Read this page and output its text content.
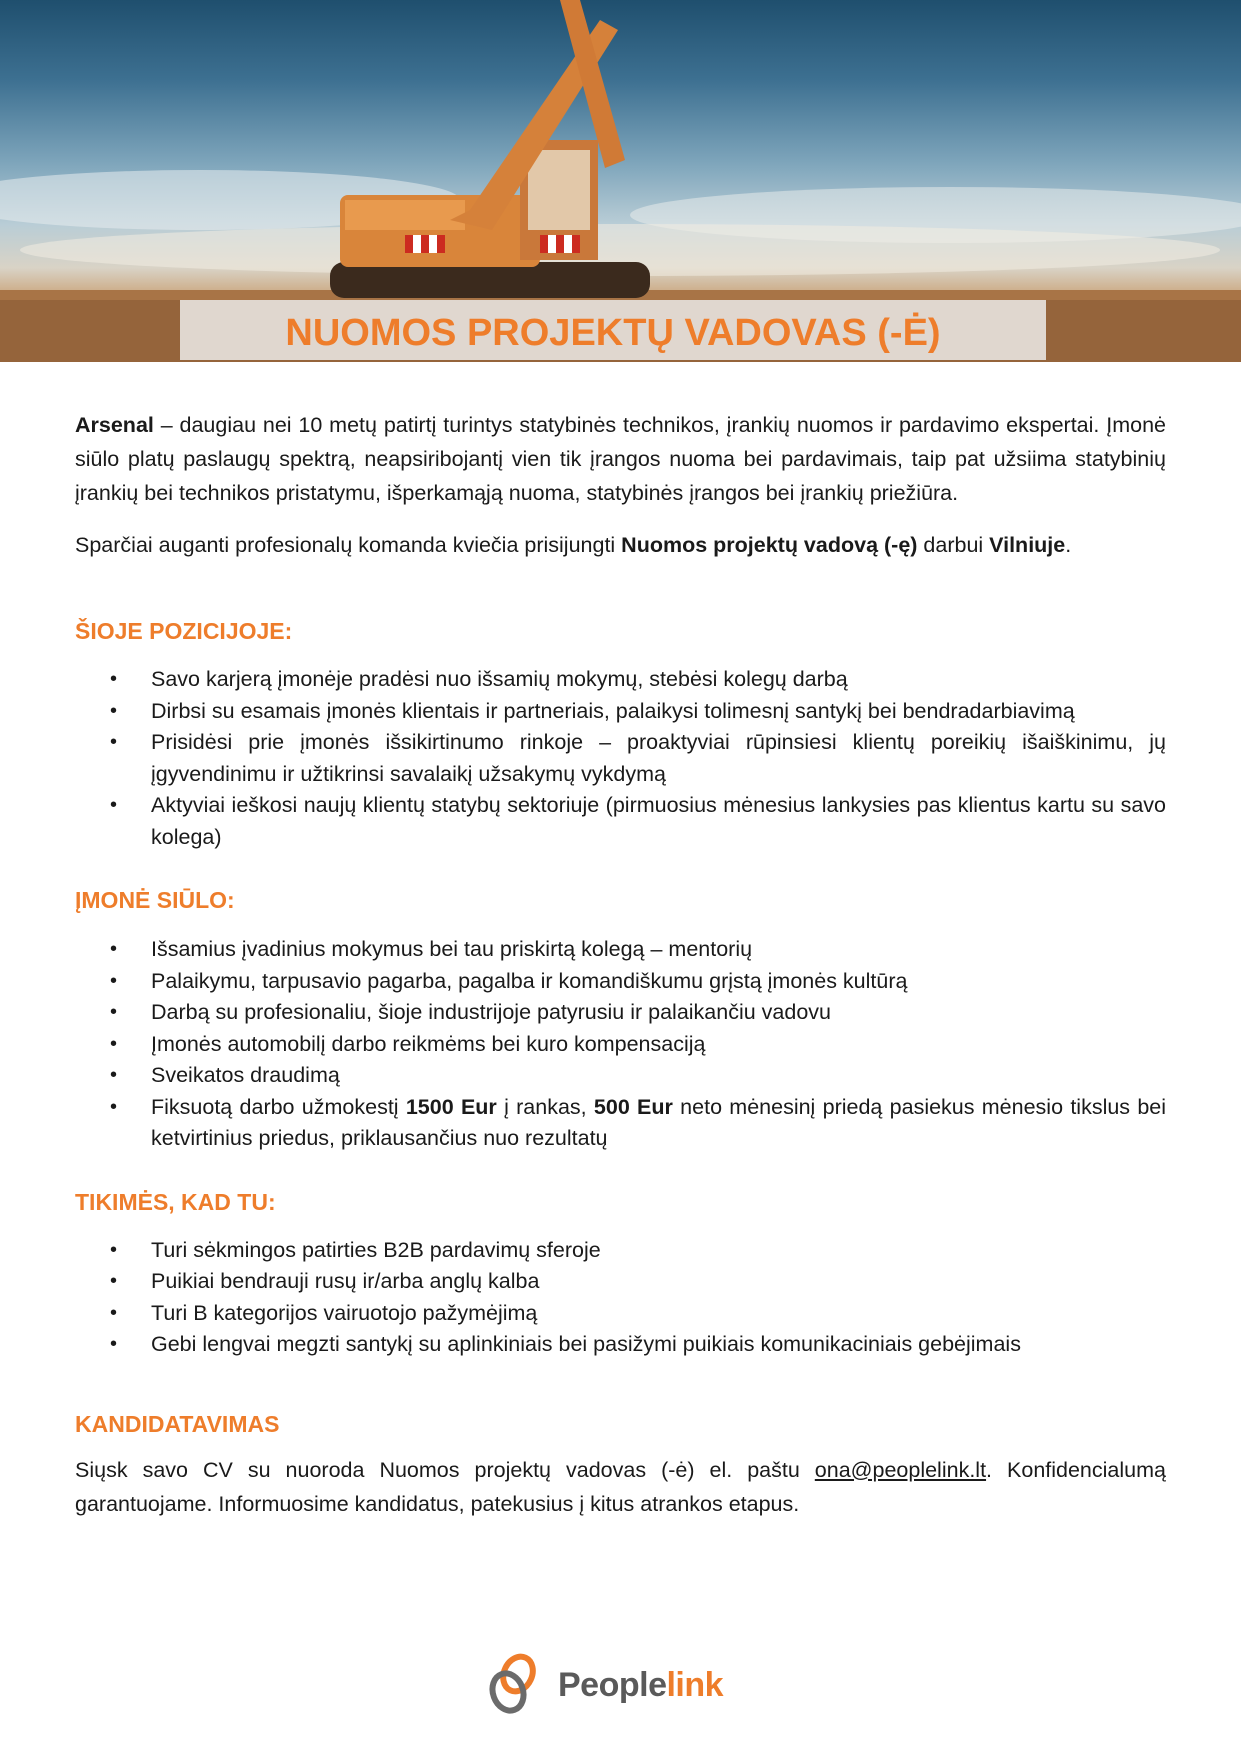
NUOMOS PROJEKTŲ VADOVAS (-Ė)

Arsenal – daugiau nei 10 metų patirtį turintys statybinės technikos, įrankių nuomos ir pardavimo ekspertai. Įmonė siūlo platų paslaugų spektrą, neapsiribojantį vien tik įrangos nuoma bei pardavimais, taip pat užsiima statybinių įrankių bei technikos pristatymu, išperkamąją nuoma, statybinės įrangos bei įrankių priežiūra.

Sparčiai auganti profesionalų komanda kviečia prisijungti Nuomos projektų vadovą (-ę) darbui Vilniuje.

ŠIOJE POZICIJOJE:
• Savo karjerą įmonėje pradėsi nuo išsamių mokymų, stebėsi kolegų darbą
• Dirbsi su esamais įmonės klientais ir partneriais, palaikysi tolimesnį santykį bei bendradarbiavimą
• Prisidėsi prie įmonės išsikirtinumo rinkoje – proaktyviai rūpinsiesi klientų poreikių išaiškinimu, jų įgyvendinimu ir užtikrinsi savalaikį užsakymų vykdymą
• Aktyviai ieškosi naujų klientų statybų sektoriuje (pirmuosius mėnesius lankysies pas klientus kartu su savo kolega)
ĮMONĖ SIŪLO:
• Išsamius įvadinius mokymus bei tau priskirtą kolegą – mentorių
• Palaikymu, tarpusavio pagarba, pagalba ir komandiškumu grįstą įmonės kultūrą
• Darbą su profesionaliu, šioje industrijoje patyrusiu ir palaikančiu vadovu
• Įmonės automobilį darbo reikmėms bei kuro kompensaciją
• Sveikatos draudimą
• Fiksuotą darbo užmokestį 1500 Eur į rankas, 500 Eur neto mėnesinį priedą pasiekus mėnesio tikslus bei ketvirtinius priedus, priklausančius nuo rezultatų
TIKIMĖS, KAD TU:
• Turi sėkmingos patirties B2B pardavimų sferoje
• Puikiai bendrauji rusų ir/arba anglų kalba
• Turi B kategorijos vairuotojo pažymėjimą
• Gebi lengvai megzti santykį su aplinkiniais bei pasižymi puikiais komunikaciniais gebėjimais
KANDIDATAVIMAS

Siųsk savo CV su nuoroda Nuomos projektų vadovas (-ė) el. paštu ona@peoplelink.lt. Konfidencialumą garantuojame. Informuosime kandidatus, patekusius į kitus atrankos etapus.

Peoplelink
